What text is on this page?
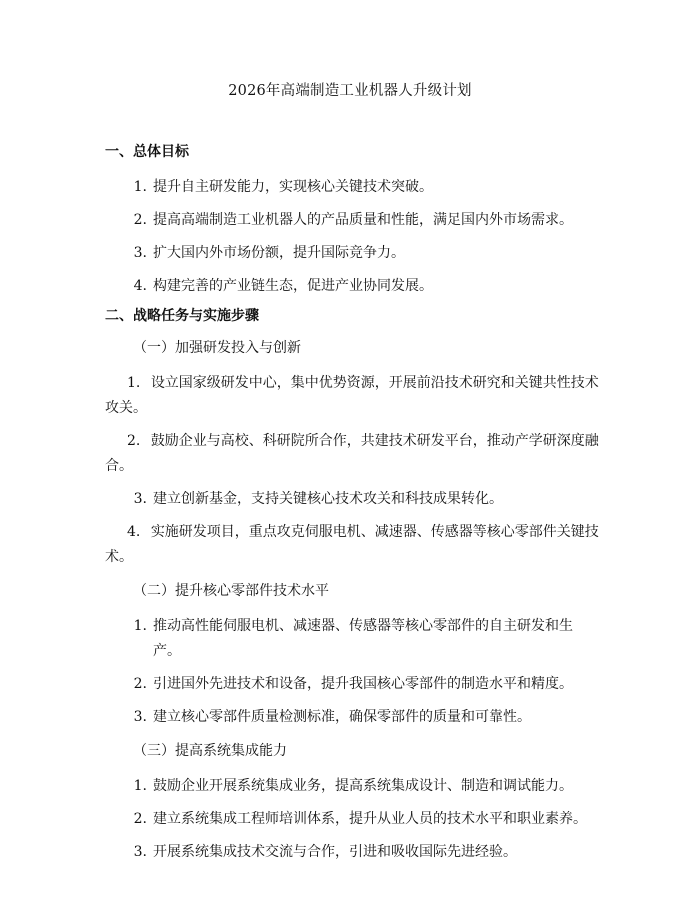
2026年高端制造工业机器人升级计划
一、总体目标
1. 提升自主研发能力，实现核心关键技术突破。
2. 提高高端制造工业机器人的产品质量和性能，满足国内外市场需求。
3. 扩大国内外市场份额，提升国际竞争力。
4. 构建完善的产业链生态，促进产业协同发展。
二、战略任务与实施步骤
（一）加强研发投入与创新
1. 设立国家级研发中心，集中优势资源，开展前沿技术研究和关键共性技术攻关。
2. 鼓励企业与高校、科研院所合作，共建技术研发平台，推动产学研深度融合。
3. 建立创新基金，支持关键核心技术攻关和科技成果转化。
4. 实施研发项目，重点攻克伺服电机、减速器、传感器等核心零部件关键技术。
（二）提升核心零部件技术水平
1. 推动高性能伺服电机、减速器、传感器等核心零部件的自主研发和生产。
2. 引进国外先进技术和设备，提升我国核心零部件的制造水平和精度。
3. 建立核心零部件质量检测标准，确保零部件的质量和可靠性。
（三）提高系统集成能力
1. 鼓励企业开展系统集成业务，提高系统集成设计、制造和调试能力。
2. 建立系统集成工程师培训体系，提升从业人员的技术水平和职业素养。
3. 开展系统集成技术交流与合作，引进和吸收国际先进经验。
